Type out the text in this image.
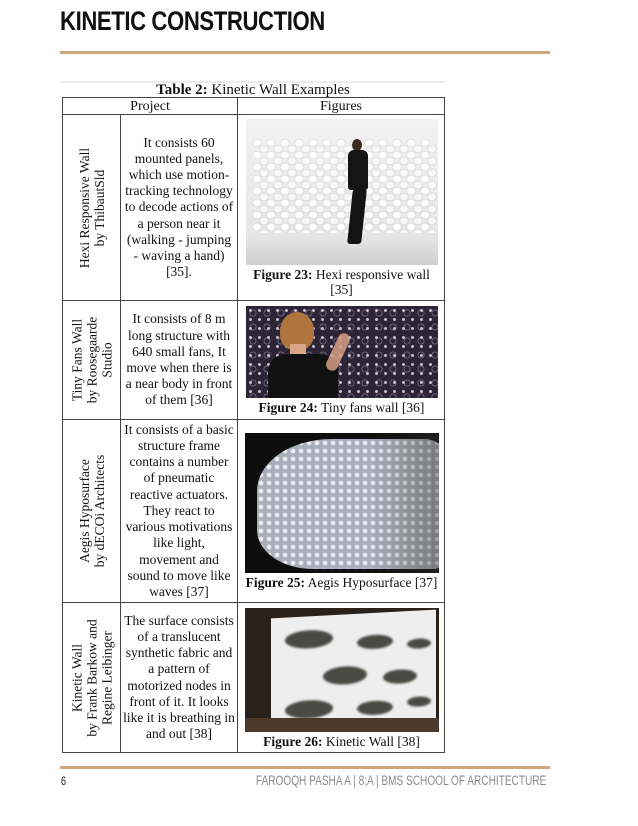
KINETIC CONSTRUCTION
Table 2: Kinetic Wall Examples
Project		Figures

Hexi Responsive Wall by ThibautSld	It consists 60 mounted panels, which use motion-tracking technology to decode actions of a person near it (walking - jumping - waving a hand) [35].	Figure 23: Hexi responsive wall [35]

Tiny Fans Wall by Roosegaarde Studio	It consists of 8 m long structure with 640 small fans, It move when there is a near body in front of them [36]	Figure 24: Tiny fans wall [36]

Aegis Hyposurface by dECOi Architects	It consists of a basic structure frame contains a number of pneumatic reactive actuators. They react to various motivations like light, movement and sound to move like waves [37]	Figure 25: Aegis Hyposurface [37]

Kinetic Wall by Frank Barkow and Regine Leibinger	The surface consists of a translucent synthetic fabric and a pattern of motorized nodes in front of it. It looks like it is breathing in and out [38]	Figure 26: Kinetic Wall [38]
6	FAROOQH PASHA A | 8:A | BMS SCHOOL OF ARCHITECTURE
